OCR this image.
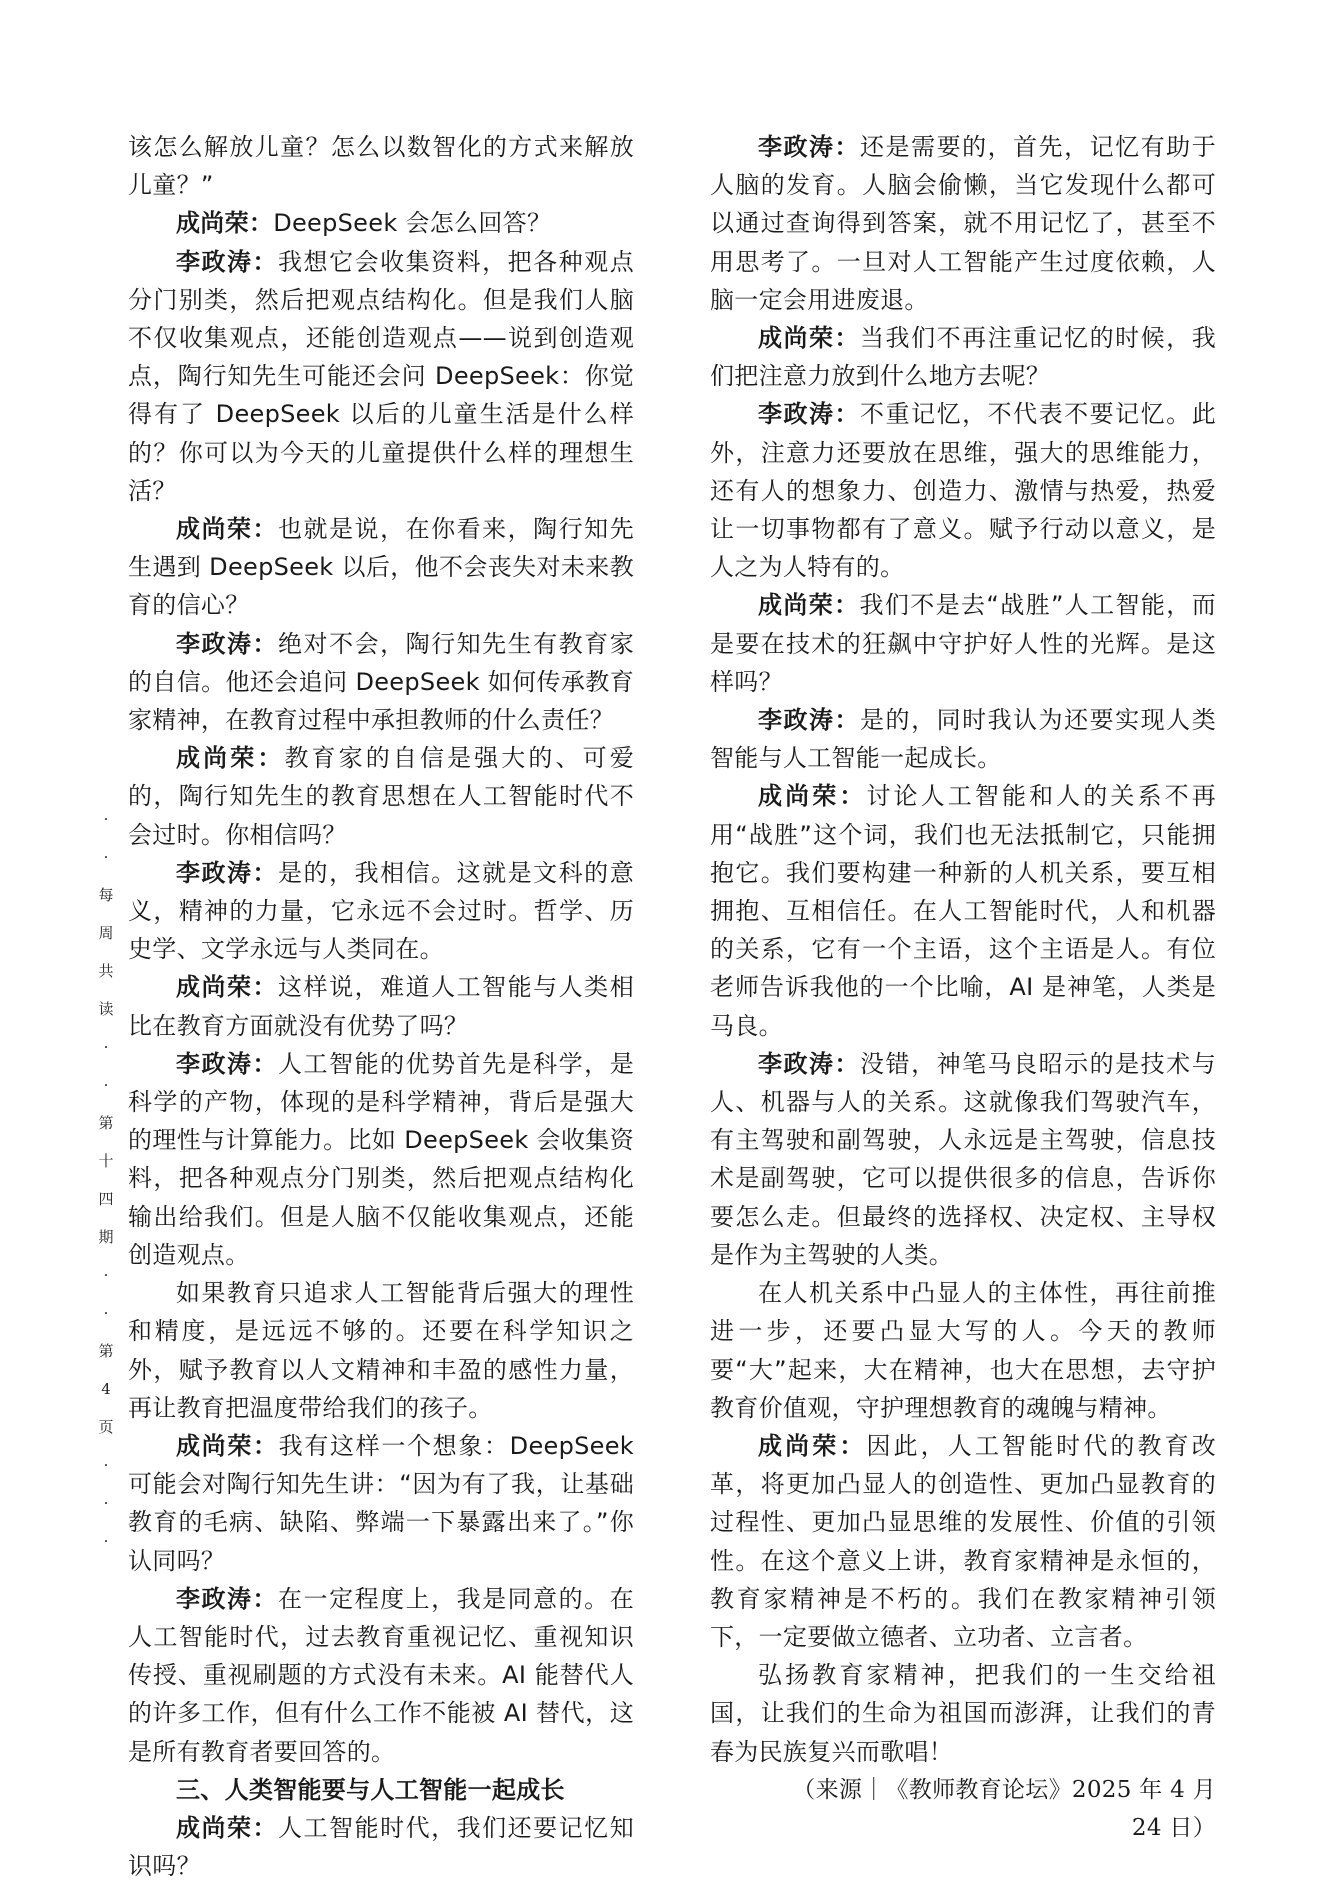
·
·
每
周
共
读
·
·
第
十
四
期
·
·
第
4
页
·
·
·

该怎么解放儿童？怎么以数智化的方式来解放儿童？”

成尚荣：DeepSeek 会怎么回答？

李政涛：我想它会收集资料，把各种观点分门别类，然后把观点结构化。但是我们人脑不仅收集观点，还能创造观点——说到创造观点，陶行知先生可能还会问 DeepSeek：你觉得有了 DeepSeek 以后的儿童生活是什么样的？你可以为今天的儿童提供什么样的理想生活？

成尚荣：也就是说，在你看来，陶行知先生遇到 DeepSeek 以后，他不会丧失对未来教育的信心？

李政涛：绝对不会，陶行知先生有教育家的自信。他还会追问 DeepSeek 如何传承教育家精神，在教育过程中承担教师的什么责任？

成尚荣：教育家的自信是强大的、可爱的，陶行知先生的教育思想在人工智能时代不会过时。你相信吗？

李政涛：是的，我相信。这就是文科的意义，精神的力量，它永远不会过时。哲学、历史学、文学永远与人类同在。

成尚荣：这样说，难道人工智能与人类相比在教育方面就没有优势了吗？

李政涛：人工智能的优势首先是科学，是科学的产物，体现的是科学精神，背后是强大的理性与计算能力。比如 DeepSeek 会收集资料，把各种观点分门别类，然后把观点结构化输出给我们。但是人脑不仅能收集观点，还能创造观点。

如果教育只追求人工智能背后强大的理性和精度，是远远不够的。还要在科学知识之外，赋予教育以人文精神和丰盈的感性力量，再让教育把温度带给我们的孩子。

成尚荣：我有这样一个想象：DeepSeek 可能会对陶行知先生讲：“因为有了我，让基础教育的毛病、缺陷、弊端一下暴露出来了。”你认同吗？

李政涛：在一定程度上，我是同意的。在人工智能时代，过去教育重视记忆、重视知识传授、重视刷题的方式没有未来。AI 能替代人的许多工作，但有什么工作不能被 AI 替代，这是所有教育者要回答的。

三、人类智能要与人工智能一起成长

成尚荣：人工智能时代，我们还要记忆知识吗？

李政涛：还是需要的，首先，记忆有助于人脑的发育。人脑会偷懒，当它发现什么都可以通过查询得到答案，就不用记忆了，甚至不用思考了。一旦对人工智能产生过度依赖，人脑一定会用进废退。

成尚荣：当我们不再注重记忆的时候，我们把注意力放到什么地方去呢？

李政涛：不重记忆，不代表不要记忆。此外，注意力还要放在思维，强大的思维能力，还有人的想象力、创造力、激情与热爱，热爱让一切事物都有了意义。赋予行动以意义，是人之为人特有的。

成尚荣：我们不是去“战胜”人工智能，而是要在技术的狂飙中守护好人性的光辉。是这样吗？

李政涛：是的，同时我认为还要实现人类智能与人工智能一起成长。

成尚荣：讨论人工智能和人的关系不再用“战胜”这个词，我们也无法抵制它，只能拥抱它。我们要构建一种新的人机关系，要互相拥抱、互相信任。在人工智能时代，人和机器的关系，它有一个主语，这个主语是人。有位老师告诉我他的一个比喻，AI 是神笔，人类是马良。

李政涛：没错，神笔马良昭示的是技术与人、机器与人的关系。这就像我们驾驶汽车，有主驾驶和副驾驶，人永远是主驾驶，信息技术是副驾驶，它可以提供很多的信息，告诉你要怎么走。但最终的选择权、决定权、主导权是作为主驾驶的人类。

在人机关系中凸显人的主体性，再往前推进一步，还要凸显大写的人。今天的教师要“大”起来，大在精神，也大在思想，去守护教育价值观，守护理想教育的魂魄与精神。

成尚荣：因此，人工智能时代的教育改革，将更加凸显人的创造性、更加凸显教育的过程性、更加凸显思维的发展性、价值的引领性。在这个意义上讲，教育家精神是永恒的，教育家精神是不朽的。我们在教家精神引领下，一定要做立德者、立功者、立言者。

弘扬教育家精神，把我们的一生交给祖国，让我们的生命为祖国而澎湃，让我们的青春为民族复兴而歌唱！

（来源｜《教师教育论坛》2025 年 4 月 24 日）
